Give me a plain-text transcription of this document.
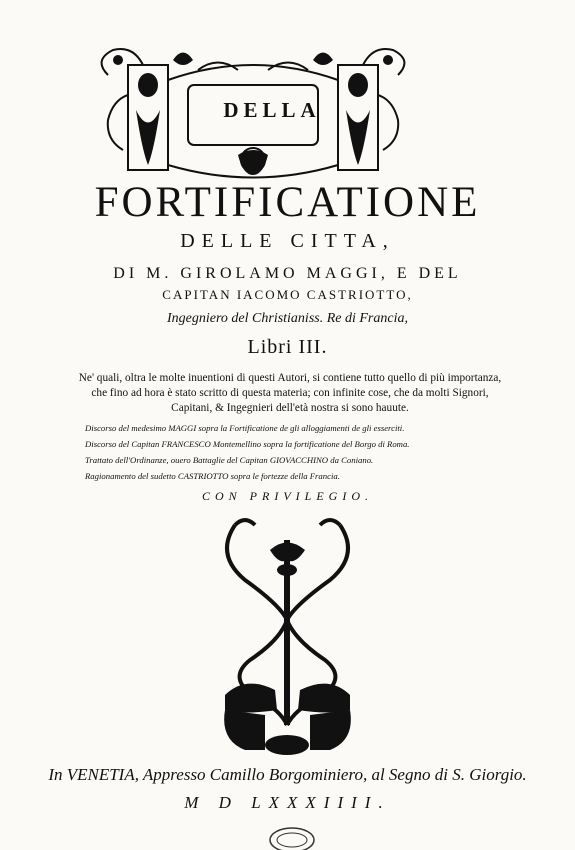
DELLA
FORTIFICATIONE
DELLE CITTA,
DI M. GIROLAMO MAGGI, E DEL
CAPITAN IACOMO CASTRIOTTO,
Ingegniero del Christianiss. Re di Francia,
Libri III.
Ne' quali, oltra le molte inuentioni di questi Autori, si contiene tutto quello di più importanza, che fino ad hora è stato scritto di questa materia; con infinite cose, che da molti Signori, Capitani, & Ingegnieri dell'età nostra si sono hauute.
Discorso del medesimo MAGGI sopra la Fortificatione de gli alloggiamenti de gli esserciti.
Discorso del Capitan FRANCESCO Montemellino sopra la fortificatione del Borgo di Roma.
Trattato dell'Ordinanze, ouero Battaglie del Capitan GIOVACCHINO da Coniano.
Ragionamento del sudetto CASTRIOTTO sopra le fortezze della Francia.
CON PRIVILEGIO.
In VENETIA, Appresso Camillo Borgominiero, al Segno di S. Giorgio.
M D LXXXIIII.
